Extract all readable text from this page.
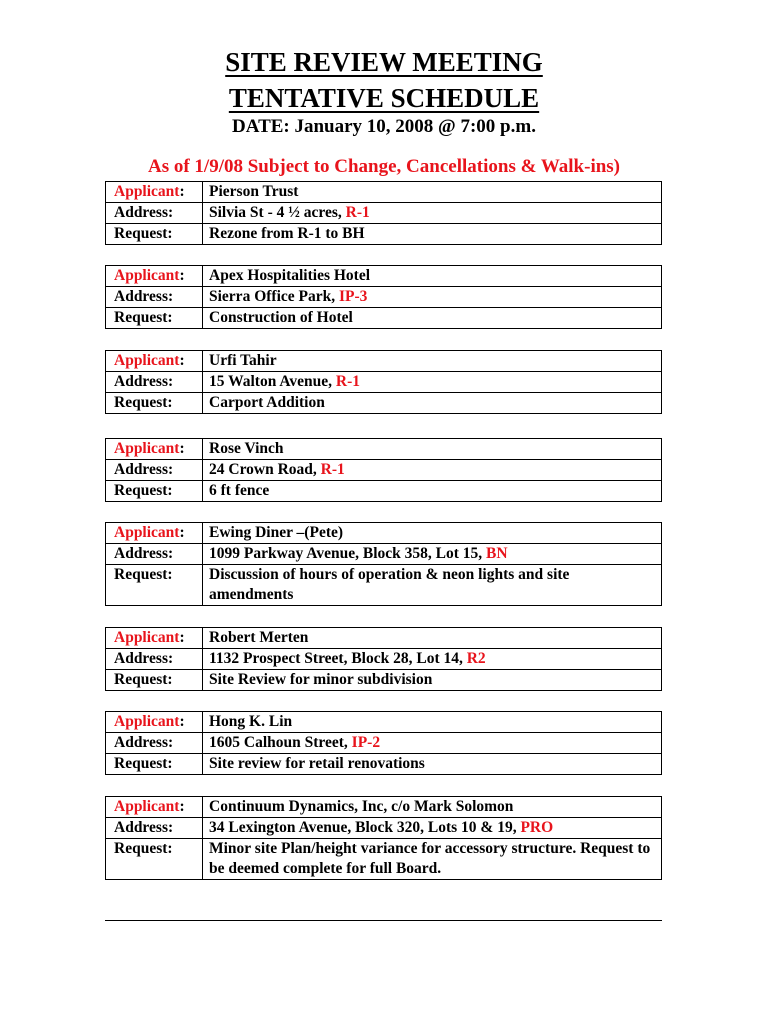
SITE REVIEW MEETING
TENTATIVE SCHEDULE
DATE: January 10, 2008 @ 7:00 p.m.
As of 1/9/08 Subject to Change, Cancellations & Walk-ins)
Applicant:	Pierson Trust
Address:	Silvia St - 4 ½ acres, R-1
Request:	Rezone from R-1 to BH
Applicant:	Apex Hospitalities Hotel
Address:	Sierra Office Park, IP-3
Request:	Construction of Hotel
Applicant:	Urfi Tahir
Address:	15 Walton Avenue, R-1
Request:	Carport Addition
Applicant:	Rose Vinch
Address:	24 Crown Road, R-1
Request:	6 ft fence
Applicant:	Ewing Diner –(Pete)
Address:	1099 Parkway Avenue, Block 358, Lot 15, BN
Request:	Discussion of hours of operation & neon lights and site amendments
Applicant:	Robert Merten
Address:	1132 Prospect Street, Block 28, Lot 14, R2
Request:	Site Review for minor subdivision
Applicant:	Hong K. Lin
Address:	1605 Calhoun Street, IP-2
Request:	Site review for retail renovations
Applicant:	Continuum Dynamics, Inc, c/o Mark Solomon
Address:	34 Lexington Avenue, Block 320, Lots 10 & 19, PRO
Request:	Minor site Plan/height variance for accessory structure. Request to be deemed complete for full Board.
